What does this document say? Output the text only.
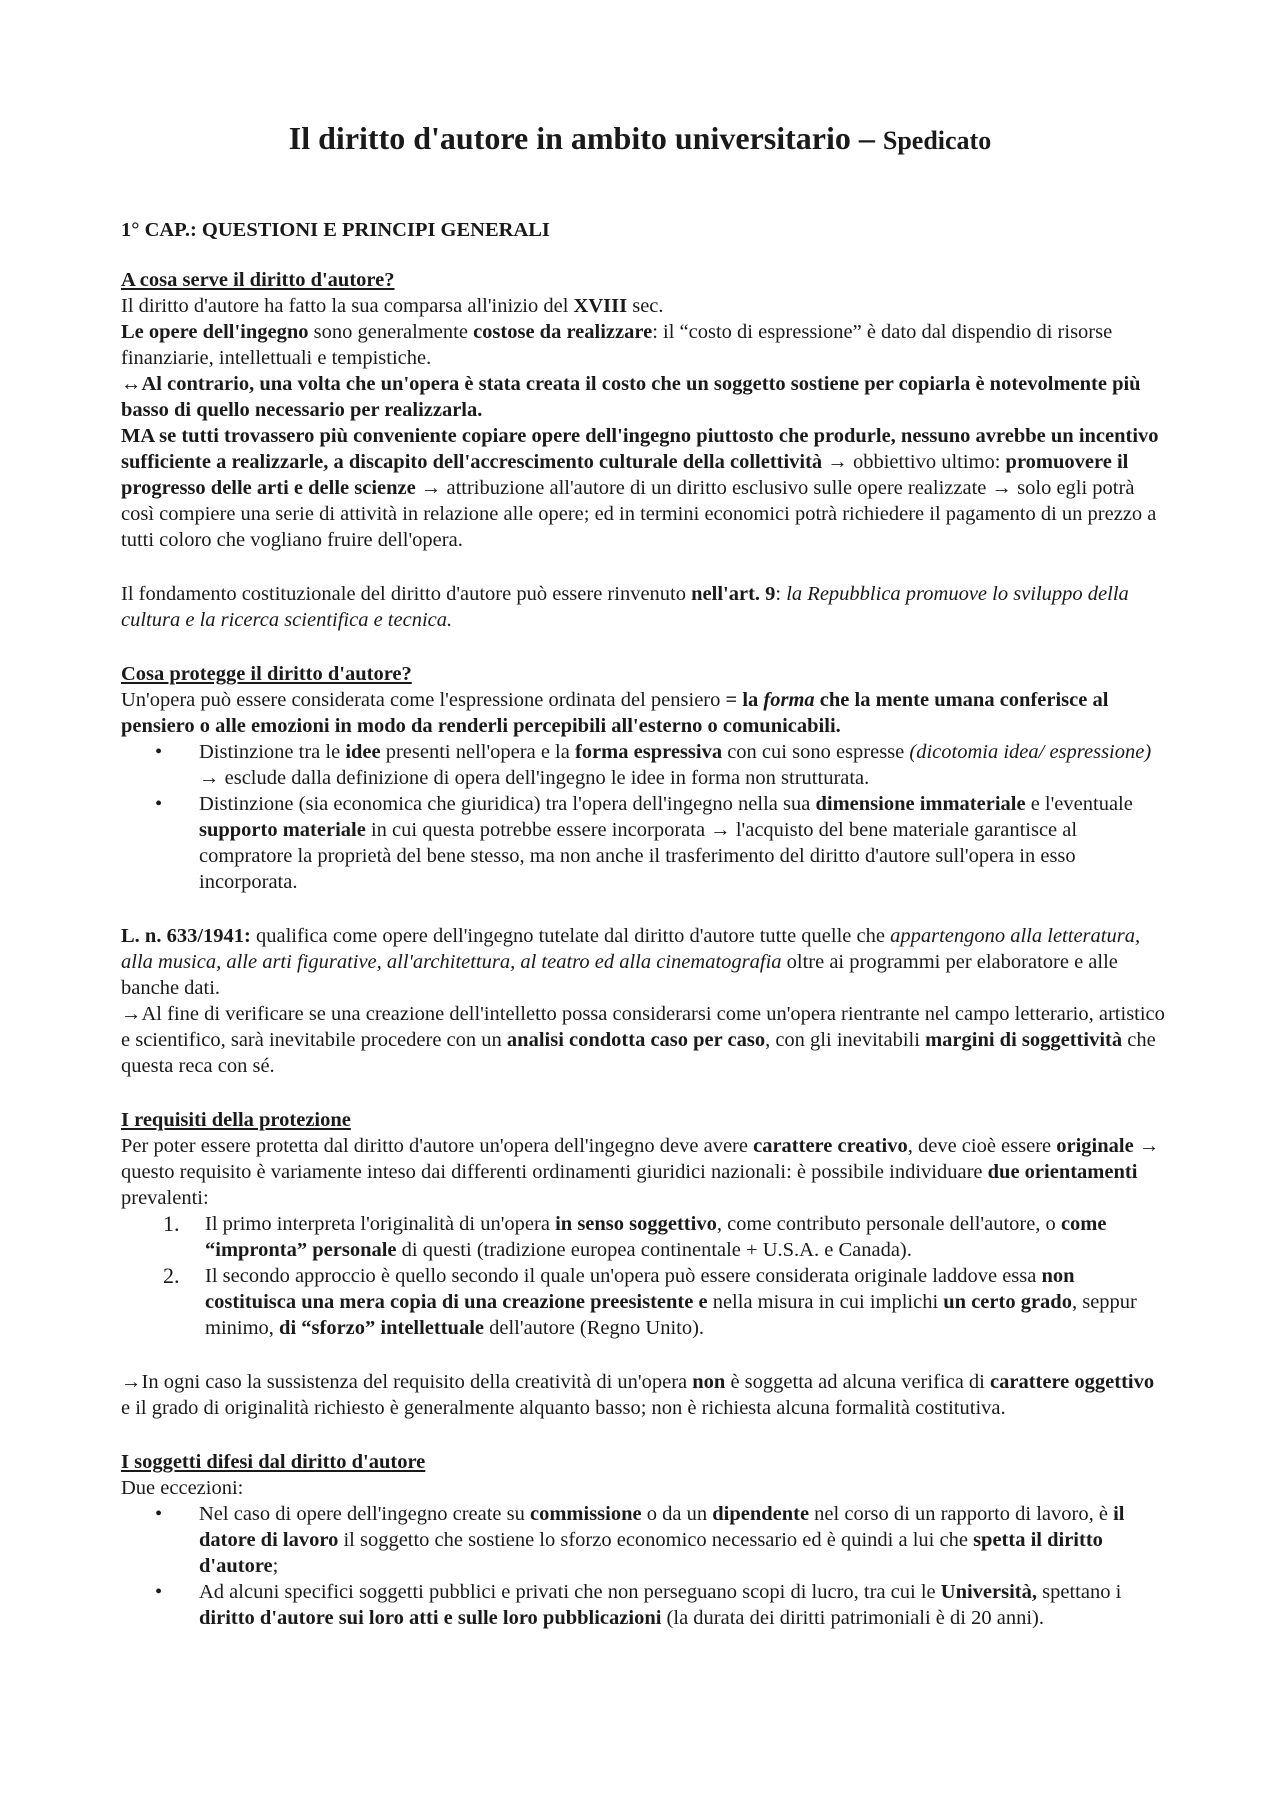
Il diritto d'autore in ambito universitario – Spedicato

1° CAP.: QUESTIONI E PRINCIPI GENERALI

A cosa serve il diritto d'autore?

Il diritto d'autore ha fatto la sua comparsa all'inizio del XVIII sec.

Le opere dell'ingegno sono generalmente costose da realizzare: il “costo di espressione” è dato dal dispendio di risorse finanziarie, intellettuali e tempistiche.

↔Al contrario, una volta che un'opera è stata creata il costo che un soggetto sostiene per copiarla è notevolmente più basso di quello necessario per realizzarla.

MA se tutti trovassero più conveniente copiare opere dell'ingegno piuttosto che produrle, nessuno avrebbe un incentivo sufficiente a realizzarle, a discapito dell'accrescimento culturale della collettività → obbiettivo ultimo: promuovere il progresso delle arti e delle scienze → attribuzione all'autore di un diritto esclusivo sulle opere realizzate → solo egli potrà così compiere una serie di attività in relazione alle opere; ed in termini economici potrà richiedere il pagamento di un prezzo a tutti coloro che vogliano fruire dell'opera.

Il fondamento costituzionale del diritto d'autore può essere rinvenuto nell'art. 9: la Repubblica promuove lo sviluppo della cultura e la ricerca scientifica e tecnica.

Cosa protegge il diritto d'autore?

Un'opera può essere considerata come l'espressione ordinata del pensiero = la forma che la mente umana conferisce al pensiero o alle emozioni in modo da renderli percepibili all'esterno o comunicabili.

• Distinzione tra le idee presenti nell'opera e la forma espressiva con cui sono espresse (dicotomia idea/ espressione) → esclude dalla definizione di opera dell'ingegno le idee in forma non strutturata.
• Distinzione (sia economica che giuridica) tra l'opera dell'ingegno nella sua dimensione immateriale e l'eventuale supporto materiale in cui questa potrebbe essere incorporata → l'acquisto del bene materiale garantisce al compratore la proprietà del bene stesso, ma non anche il trasferimento del diritto d'autore sull'opera in esso incorporata.

L. n. 633/1941: qualifica come opere dell'ingegno tutelate dal diritto d'autore tutte quelle che appartengono alla letteratura, alla musica, alle arti figurative, all'architettura, al teatro ed alla cinematografia oltre ai programmi per elaboratore e alle banche dati.

→Al fine di verificare se una creazione dell'intelletto possa considerarsi come un'opera rientrante nel campo letterario, artistico e scientifico, sarà inevitabile procedere con un analisi condotta caso per caso, con gli inevitabili margini di soggettività che questa reca con sé.

I requisiti della protezione

Per poter essere protetta dal diritto d'autore un'opera dell'ingegno deve avere carattere creativo, deve cioè essere originale → questo requisito è variamente inteso dai differenti ordinamenti giuridici nazionali: è possibile individuare due orientamenti prevalenti:

1. Il primo interpreta l'originalità di un'opera in senso soggettivo, come contributo personale dell'autore, o come “impronta” personale di questi (tradizione europea continentale + U.S.A. e Canada).
2. Il secondo approccio è quello secondo il quale un'opera può essere considerata originale laddove essa non costituisca una mera copia di una creazione preesistente e nella misura in cui implichi un certo grado, seppur minimo, di “sforzo” intellettuale dell'autore (Regno Unito).

→In ogni caso la sussistenza del requisito della creatività di un'opera non è soggetta ad alcuna verifica di carattere oggettivo e il grado di originalità richiesto è generalmente alquanto basso; non è richiesta alcuna formalità costitutiva.

I soggetti difesi dal diritto d'autore

Due eccezioni:

• Nel caso di opere dell'ingegno create su commissione o da un dipendente nel corso di un rapporto di lavoro, è il datore di lavoro il soggetto che sostiene lo sforzo economico necessario ed è quindi a lui che spetta il diritto d'autore;
• Ad alcuni specifici soggetti pubblici e privati che non perseguano scopi di lucro, tra cui le Università, spettano i diritto d'autore sui loro atti e sulle loro pubblicazioni (la durata dei diritti patrimoniali è di 20 anni).
